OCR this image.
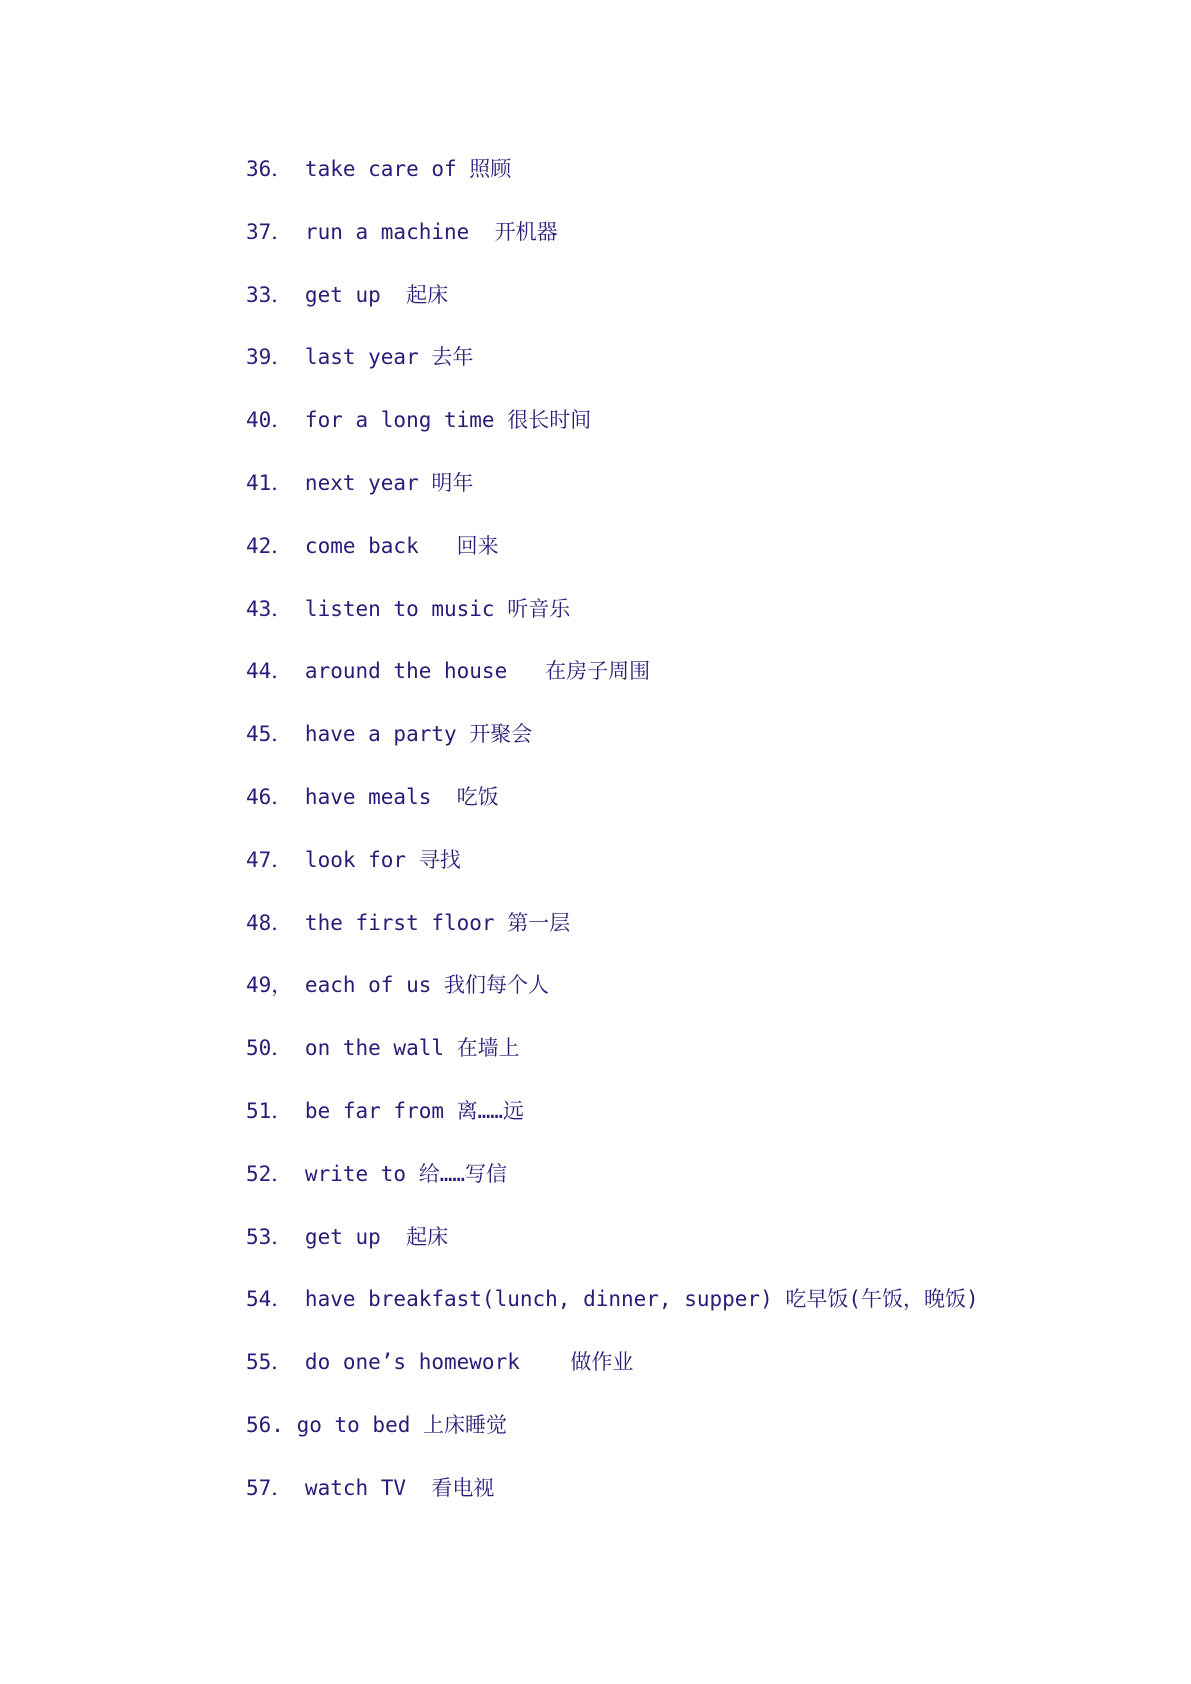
36． take care of 照顾
37． run a machine  开机器
33． get up  起床
39． last year 去年
40． for a long time 很长时间
41． next year 明年
42． come back   回来
43． listen to music 听音乐
44． around the house   在房子周围
45． have a party 开聚会
46． have meals  吃饭
47． look for 寻找
48． the first floor 第一层
49， each of us 我们每个人
50． on the wall 在墙上
51． be far from 离……远
52． write to 给……写信
53． get up  起床
54． have breakfast(lunch, dinner, supper) 吃早饭(午饭，晚饭)
55． do one’s homework    做作业
56. go to bed 上床睡觉
57． watch TV  看电视
